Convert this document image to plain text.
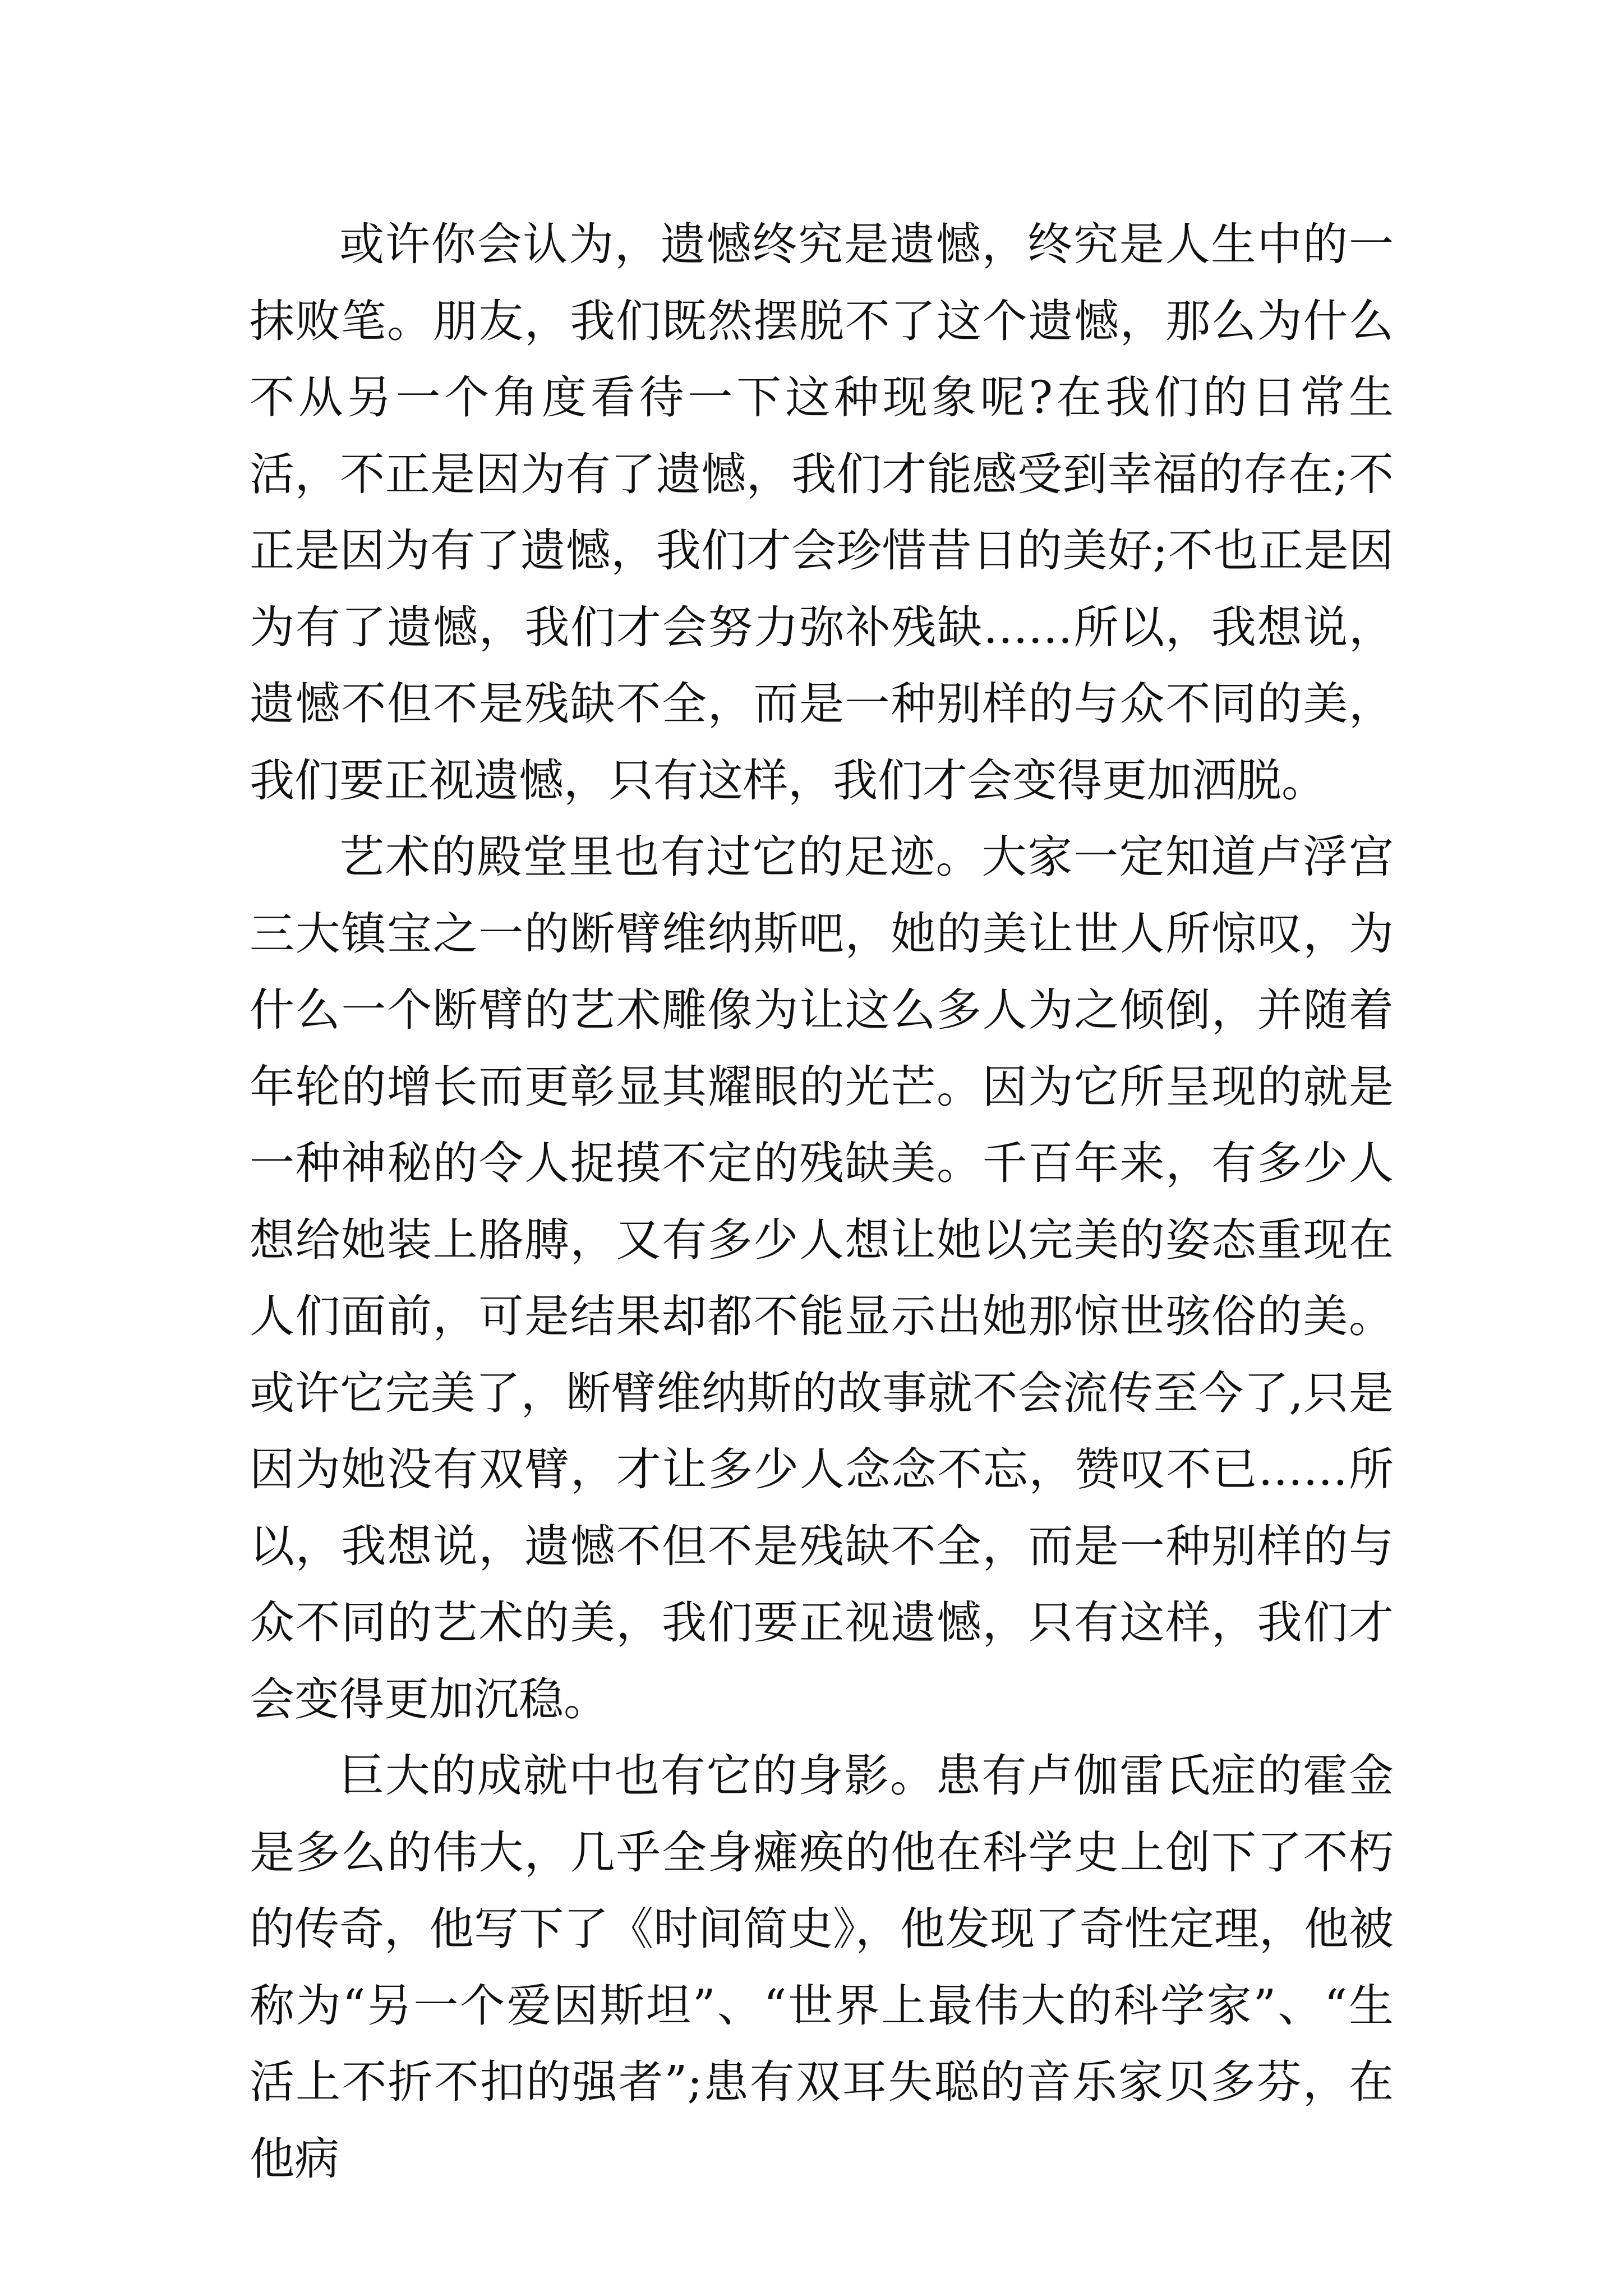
或许你会认为，遗憾终究是遗憾，终究是人生中的一抹败笔。朋友，我们既然摆脱不了这个遗憾，那么为什么不从另一个角度看待一下这种现象呢?在我们的日常生活，不正是因为有了遗憾，我们才能感受到幸福的存在;不正是因为有了遗憾，我们才会珍惜昔日的美好;不也正是因为有了遗憾，我们才会努力弥补残缺……所以，我想说，遗憾不但不是残缺不全，而是一种别样的与众不同的美，我们要正视遗憾，只有这样，我们才会变得更加洒脱。

艺术的殿堂里也有过它的足迹。大家一定知道卢浮宫三大镇宝之一的断臂维纳斯吧，她的美让世人所惊叹，为什么一个断臂的艺术雕像为让这么多人为之倾倒，并随着年轮的增长而更彰显其耀眼的光芒。因为它所呈现的就是一种神秘的令人捉摸不定的残缺美。千百年来，有多少人想给她装上胳膊，又有多少人想让她以完美的姿态重现在人们面前，可是结果却都不能显示出她那惊世骇俗的美。或许它完美了，断臂维纳斯的故事就不会流传至今了,只是因为她没有双臂，才让多少人念念不忘，赞叹不已……所以，我想说，遗憾不但不是残缺不全，而是一种别样的与众不同的艺术的美，我们要正视遗憾，只有这样，我们才会变得更加沉稳。

巨大的成就中也有它的身影。患有卢伽雷氏症的霍金是多么的伟大，几乎全身瘫痪的他在科学史上创下了不朽的传奇，他写下了《时间简史》，他发现了奇性定理，他被称为“另一个爱因斯坦”、“世界上最伟大的科学家”、“生活上不折不扣的强者”;患有双耳失聪的音乐家贝多芬，在他病
